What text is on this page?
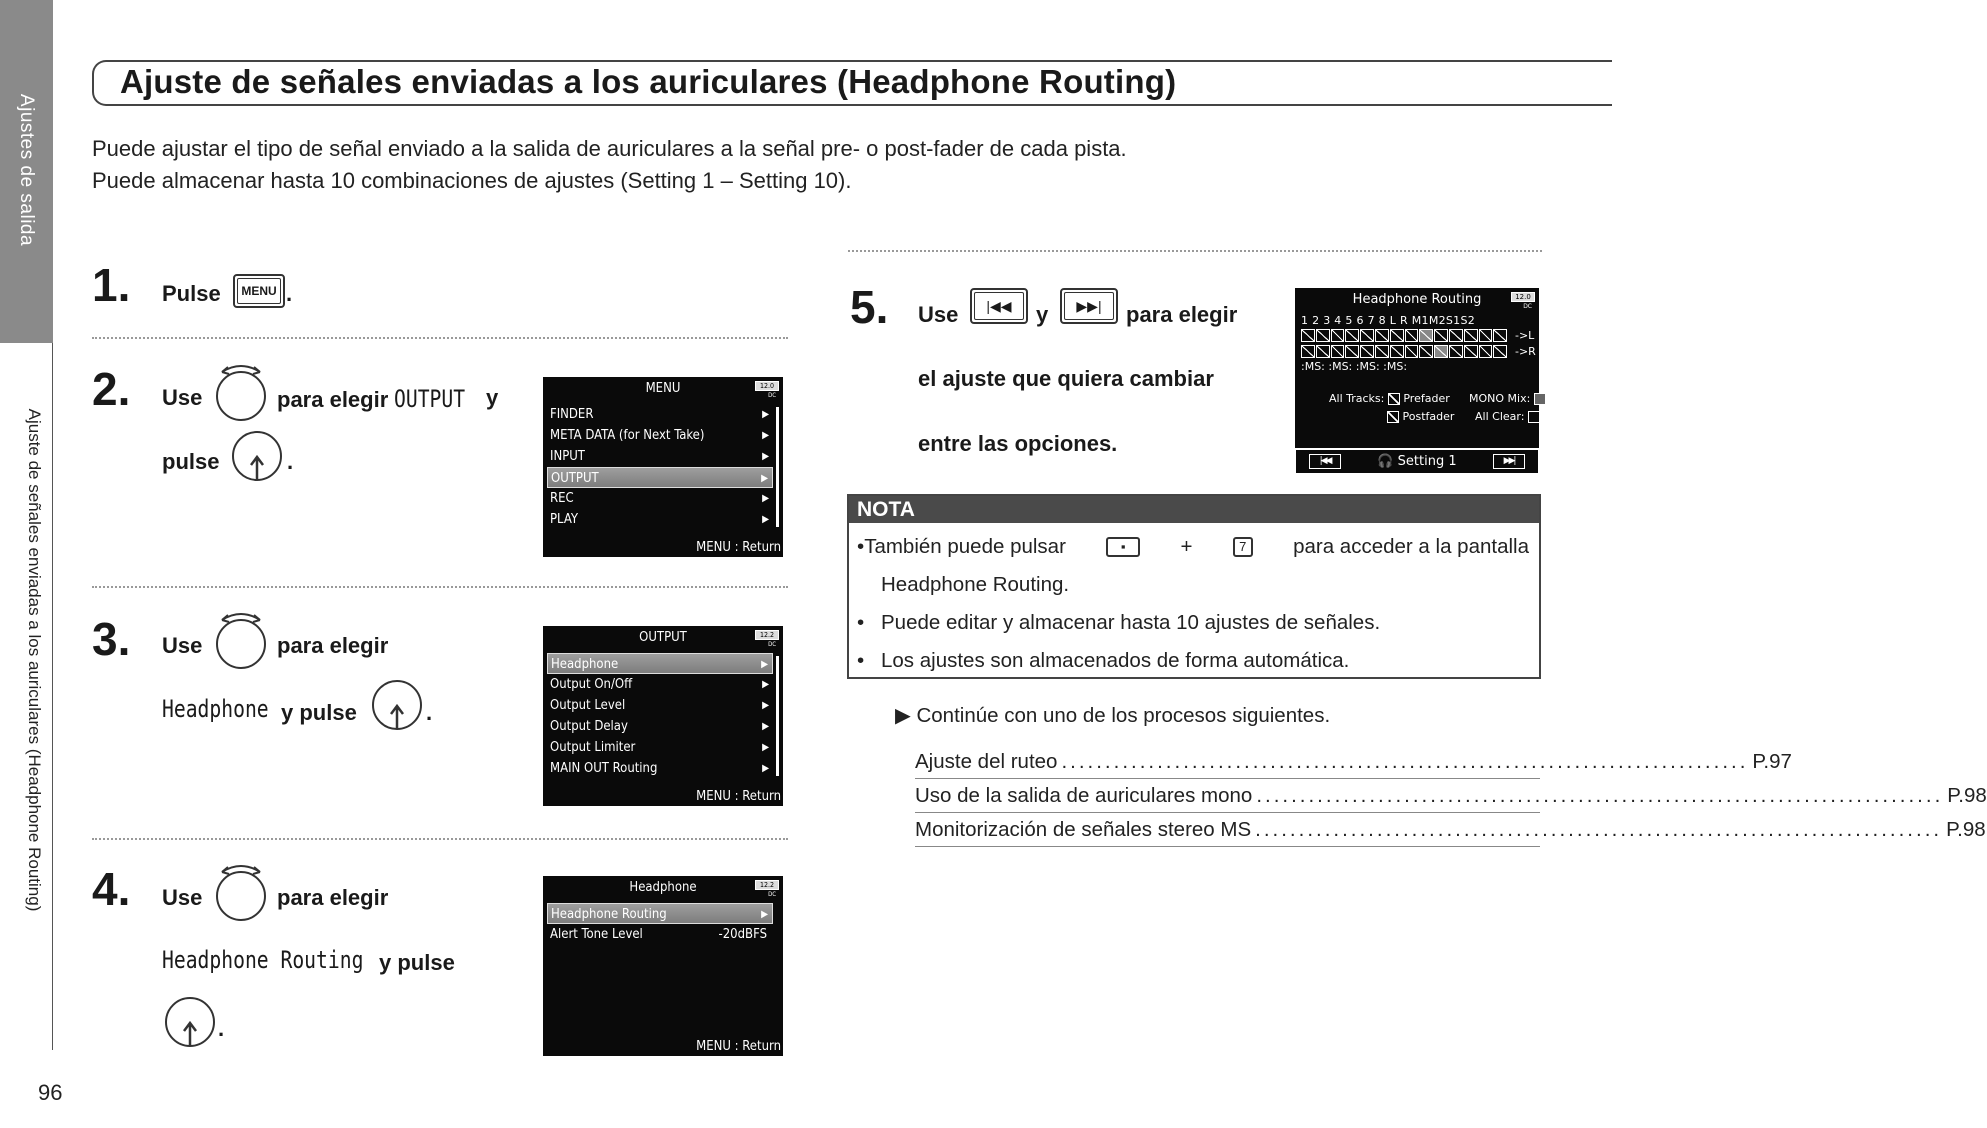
Ajustes de salida
Ajuste de señales enviadas a los auriculares (Headphone Routing)
96
Ajuste de señales enviadas a los auriculares (Headphone Routing)
Puede ajustar el tipo de señal enviado a la salida de auriculares a la señal pre- o post-fader de cada pista.
Puede almacenar hasta 10 combinaciones de ajustes (Setting 1 – Setting 10).
1. Pulse	MENU .
2. Use	para elegir OUTPUT y
pulse	.
MENU	12.0
DC
FINDER	▶
META DATA (for Next Take)	▶
INPUT	▶
OUTPUT	▶
REC	▶
PLAY	▶
MENU : Return
3. Use	para elegir
Headphone y pulse	.
OUTPUT	12.2
DC
Headphone	▶
Output On/Off	▶
Output Level	▶
Output Delay	▶
Output Limiter	▶
MAIN OUT Routing	▶
MENU : Return
4. Use	para elegir
Headphone Routing y pulse
.
Headphone	12.2
DC
Headphone Routing	▶
Alert Tone Level	-20dBFS
MENU : Return
5. Use	|◀◀	y	▶▶|	para elegir
el ajuste que quiera cambiar
entre las opciones.
Headphone Routing	12.0
DC
1 2 3 4 5 6 7 8 L R M1M2S1S2
->L
->R
:MS: :MS: :MS: :MS:
All Tracks: Prefader
Postfader
MONO Mix:
All Clear:
|◀◀	🎧 Setting 1	▶▶|
NOTA
•También puede pulsar	▪	+	7	para acceder a la pantalla
Headphone Routing.
• Puede editar y almacenar hasta 10 ajustes de señales.
• Los ajustes son almacenados de forma automática.
▶ Continúe con uno de los procesos siguientes.
Ajuste del ruteo ............................................................................... P.97
Uso de la salida de auriculares mono ............................................................................... P.98
Monitorización de señales stereo MS ............................................................................... P.98
